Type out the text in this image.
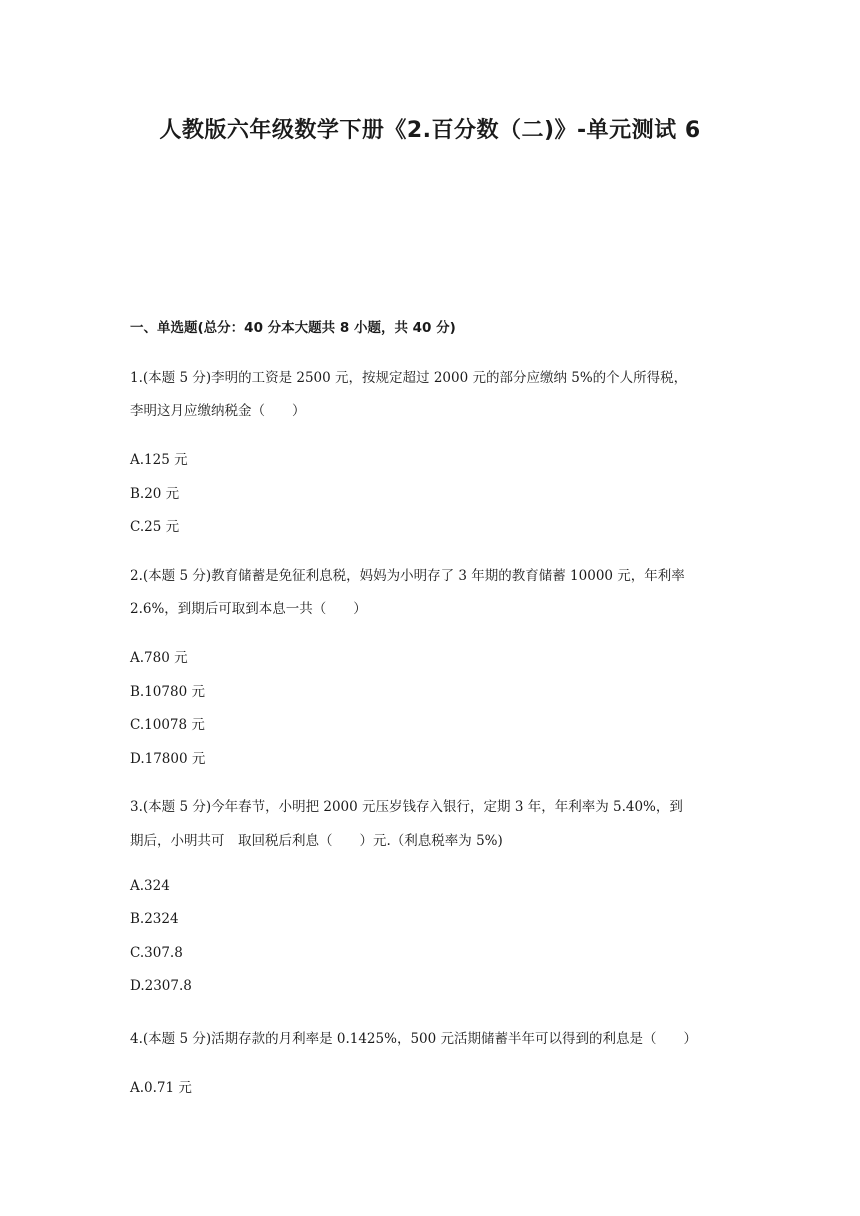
人教版六年级数学下册《2.百分数（二)》-单元测试 6
一、单选题(总分：40 分本大题共 8 小题，共 40 分)

1.(本题 5 分)李明的工资是 2500 元，按规定超过 2000 元的部分应缴纳 5%的个人所得税，

李明这月应缴纳税金（　　）

A.125 元

B.20 元

C.25 元

2.(本题 5 分)教育储蓄是免征利息税，妈妈为小明存了 3 年期的教育储蓄 10000 元，年利率

2.6%，到期后可取到本息一共（　　）

A.780 元

B.10780 元

C.10078 元

D.17800 元

3.(本题 5 分)今年春节，小明把 2000 元压岁钱存入银行，定期 3 年，年利率为 5.40%，到

期后，小明共可　取回税后利息（　　）元.（利息税率为 5%)

A.324

B.2324

C.307.8

D.2307.8

4.(本题 5 分)活期存款的月利率是 0.1425%，500 元活期储蓄半年可以得到的利息是（　　）

A.0.71 元
